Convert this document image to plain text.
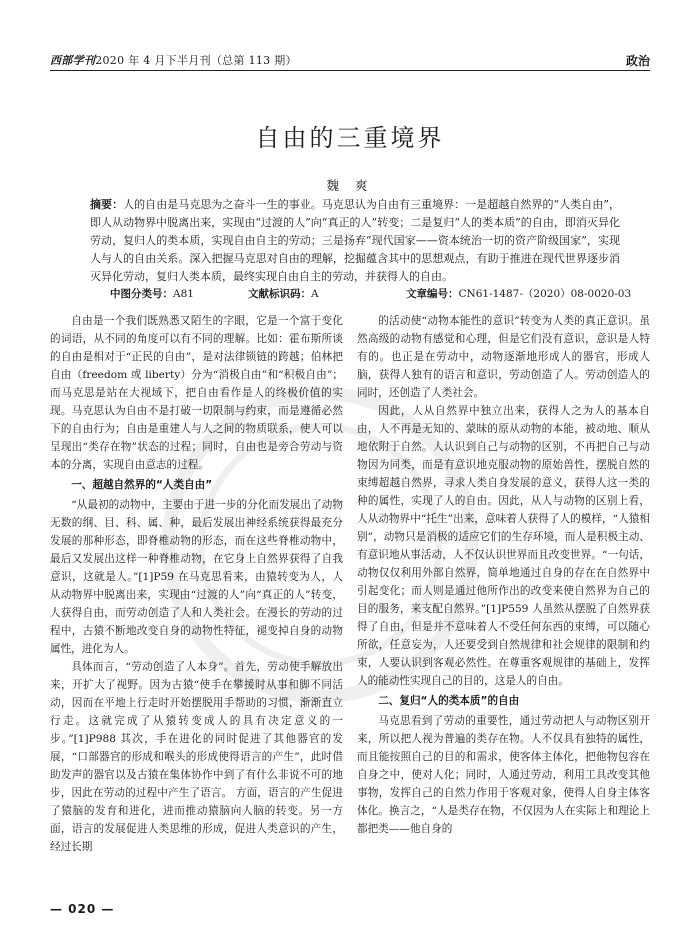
西部学刊2020 年 4 月下半月刊（总第 113 期）	政治
自由的三重境界
魏 爽

摘要：人的自由是马克思为之奋斗一生的事业。马克思认为自由有三重境界：一是超越自然界的“人类自由”，即人从动物界中脱离出来，实现由“过渡的人”向“真正的人”转变；二是复归“人的类本质”的自由，即消灭异化劳动，复归人的类本质，实现自由自主的劳动；三是扬弃“现代国家——资本统治一切的资产阶级国家”，实现人与人的自由关系。深入把握马克思对自由的理解，挖掘蕴含其中的思想观点，有助于推进在现代世界逐步消灭异化劳动，复归人类本质，最终实现自由自主的劳动，并获得人的自由。

中图分类号：A81	文献标识码：A	文章编号：CN61-1487-（2020）08-0020-03

自由是一个我们既熟悉又陌生的字眼，它是一个富于变化的词语，从不同的角度可以有不同的理解。比如：霍布斯所谈的自由是相对于“正民的自由”，是对法律锁链的跨越；伯林把自由（freedom 或 liberty）分为“消极自由”和“积极自由”；而马克思是站在大视域下，把自由看作是人的终极价值的实现。马克思认为自由不是打破一切限制与约束，而是遵循必然下的自由行为；自由是重建人与人之间的物质联系，使人可以呈现出“类存在物”状态的过程；同时，自由也是旁合劳动与资本的分离，实现自由意志的过程。

一、超越自然界的“人类自由”

“从最初的动物中，主要由于进一步的分化而发展出了动物无数的纲、目、科、属、种，最后发展出神经系统获得最充分发展的那种形态，即脊椎动物的形态，而在这些脊椎动物中，最后又发展出这样一种脊椎动物，在它身上自然界获得了自我意识，这就是人。”[1]P59 在马克思看来，由猿转变为人，人从动物界中脱离出来，实现由“过渡的人”向“真正的人”转变，人获得自由，而劳动创造了人和人类社会。在漫长的劳动的过程中，古猿不断地改变自身的动物性特征，褪变掉自身的动物属性，进化为人。

具体而言，“劳动创造了人本身”。首先，劳动使手解放出来，开扩大了视野。因为古猿“使手在攀援时从事和脚不同活动，因而在平地上行走时开始摆脱用手帮助的习惯，渐渐直立行走。这就完成了从猿转变成人的具有决定意义的一步。”[1]P988 其次，手在进化的同时促进了其他器官的发展，“口部器官的形成和喉头的形成使得语言的产生”，此时借助发声的器官以及古猿在集体协作中到了有什么非说不可的地步，因此在劳动的过程中产生了语言。 方面，语言的产生促进了猿脑的发育和进化，进而推动猿脑向人脑的转变。另一方面，语言的发展促进人类思维的形成，促进人类意识的产生，经过长期

的活动使“动物本能性的意识”转变为人类的真正意识。虽然高级的动物有感觉和心理，但是它们没有意识，意识是人特有的。也正是在劳动中，动物逐渐地形成人的器官，形成人脑，获得人独有的语言和意识，劳动创造了人。劳动创造人的同时，还创造了人类社会。

因此，人从自然界中独立出来，获得人之为人的基本自由，人不再是无知的、蒙昧的原从动物的本能，被动地、顺从地依附于自然。人认识到自己与动物的区别，不再把自己与动物因为同类，而是有意识地克服动物的原始兽性，摆脱自然的束缚超越自然界，寻求人类自身发展的意义，获得人这一类的种的属性，实现了人的自由。因此，从人与动物的区别上看，人从动物界中“托生”出来，意味着人获得了人的模样，“人猿相别”，动物只是消极的适应它们的生存环境，而人是积极主动、有意识地从事活动，人不仅认识世界而且改变世界。“一句话，动物仅仅利用外部自然界，简单地通过自身的存在在自然界中引起变化；而人则是通过他所作出的改变来使自然界为自己的目的服务，来支配自然界。”[1]P559 人虽然从摆脱了自然界获得了自由，但是并不意味着人不受任何东西的束缚，可以随心所欲，任意妄为，人还要受到自然规律和社会规律的限制和约束，人要认识到客观必然性。在尊重客观规律的基础上，发挥人的能动性实现自己的目的，这是人的自由。

二、复归“人的类本质”的自由

马克思看到了劳动的重要性，通过劳动把人与动物区别开来，所以把人视为普遍的类存在物。人不仅具有独特的属性，而且能按照自己的目的和需求，使客体主体化，把他物包容在自身之中，使对人化；同时，人通过劳动，利用工具改变其他事物，发挥自己的自然力作用于客观对象，使得人自身主体客体化。换言之，“人是类存在物，不仅因为人在实际上和理论上都把类——他自身的

— 020 —
